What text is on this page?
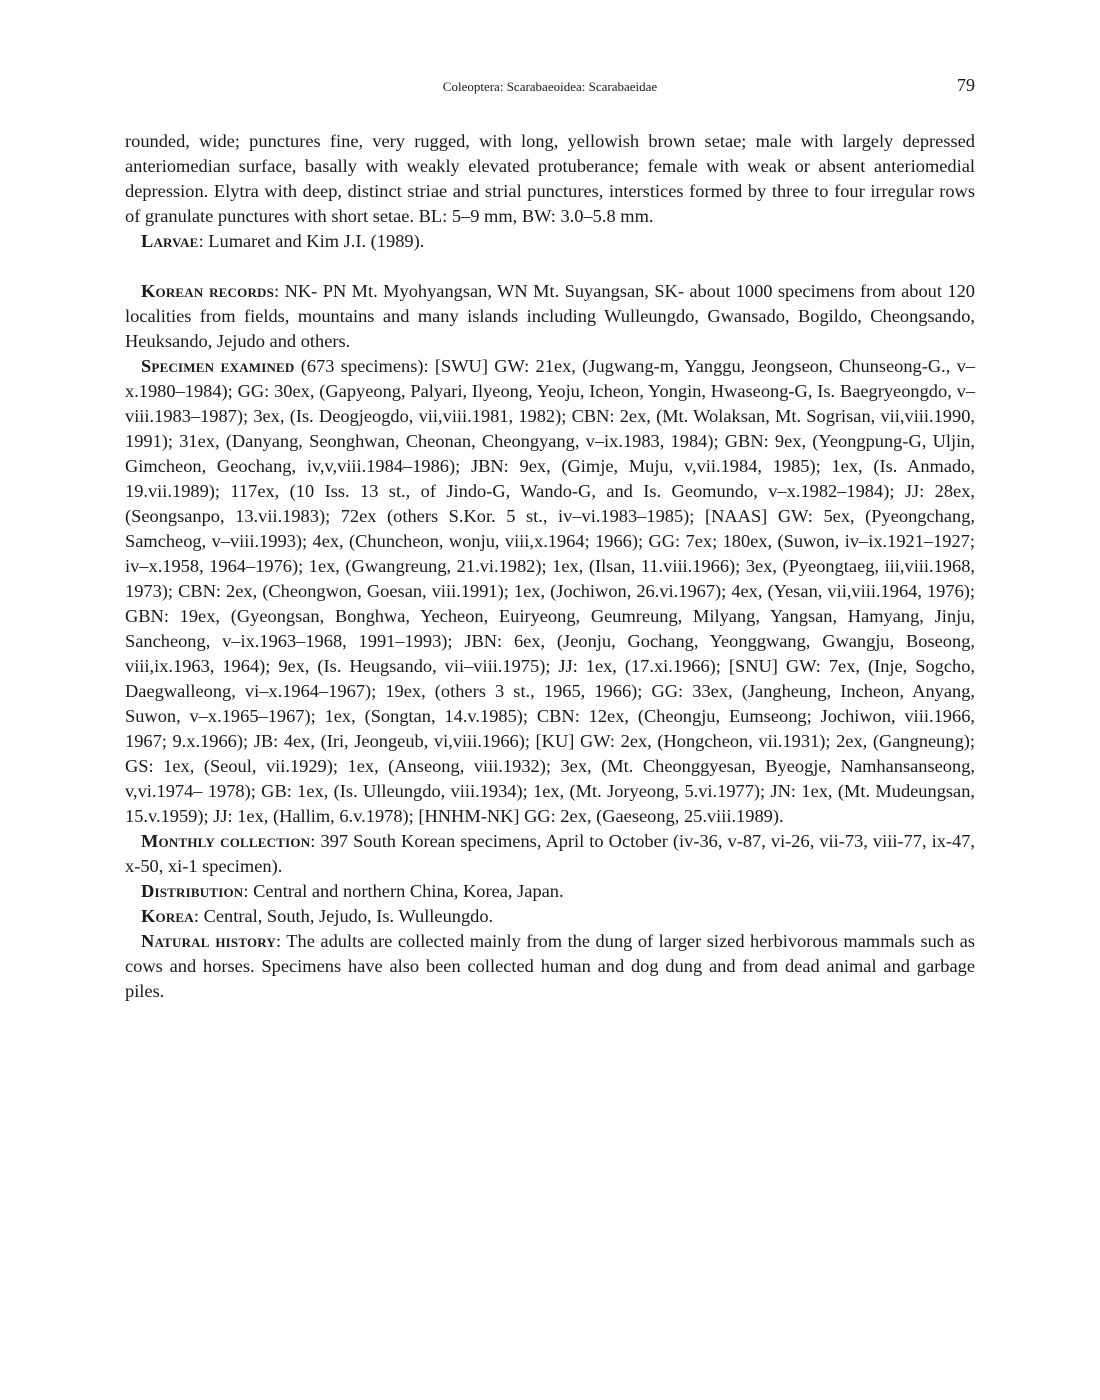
Coleoptera: Scarabaeoidea: Scarabaeidae	79

rounded, wide; punctures fine, very rugged, with long, yellowish brown setae; male with largely depressed anteriomedian surface, basally with weakly elevated protuberance; female with weak or absent anteriomedial depression. Elytra with deep, distinct striae and strial punctures, interstices formed by three to four irregular rows of granulate punctures with short setae. BL: 5–9 mm, BW: 3.0–5.8 mm.

Larvae: Lumaret and Kim J.I. (1989).

Korean records: NK- PN Mt. Myohyangsan, WN Mt. Suyangsan, SK- about 1000 specimens from about 120 localities from fields, mountains and many islands including Wulleungdo, Gwansado, Bogildo, Cheongsando, Heuksando, Jejudo and others.

Specimen examined (673 specimens): [SWU] GW: 21ex, (Jugwang-m, Yanggu, Jeongseon, Chunseong-G., v–x.1980–1984); GG: 30ex, (Gapyeong, Palyari, Ilyeong, Yeoju, Icheon, Yongin, Hwaseong-G, Is. Baegryeongdo, v–viii.1983–1987); 3ex, (Is. Deogjeogdo, vii,viii.1981, 1982); CBN: 2ex, (Mt. Wolaksan, Mt. Sogrisan, vii,viii.1990, 1991); 31ex, (Danyang, Seonghwan, Cheonan, Cheongyang, v–ix.1983, 1984); GBN: 9ex, (Yeongpung-G, Uljin, Gimcheon, Geochang, iv,v,viii.1984–1986); JBN: 9ex, (Gimje, Muju, v,vii.1984, 1985); 1ex, (Is. Anmado, 19.vii.1989); 117ex, (10 Iss. 13 st., of Jindo-G, Wando-G, and Is. Geomundo, v–x.1982–1984); JJ: 28ex, (Seongsanpo, 13.vii.1983); 72ex (others S.Kor. 5 st., iv–vi.1983–1985); [NAAS] GW: 5ex, (Pyeongchang, Samcheog, v–viii.1993); 4ex, (Chuncheon, wonju, viii,x.1964; 1966); GG: 7ex; 180ex, (Suwon, iv–ix.1921–1927; iv–x.1958, 1964–1976); 1ex, (Gwangreung, 21.vi.1982); 1ex, (Ilsan, 11.viii.1966); 3ex, (Pyeongtaeg, iii,viii.1968, 1973); CBN: 2ex, (Cheongwon, Goesan, viii.1991); 1ex, (Jochiwon, 26.vi.1967); 4ex, (Yesan, vii,viii.1964, 1976); GBN: 19ex, (Gyeongsan, Bonghwa, Yecheon, Euiryeong, Geumreung, Milyang, Yangsan, Hamyang, Jinju, Sancheong, v–ix.1963–1968, 1991–1993); JBN: 6ex, (Jeonju, Gochang, Yeonggwang, Gwangju, Boseong, viii,ix.1963, 1964); 9ex, (Is. Heugsando, vii–viii.1975); JJ: 1ex, (17.xi.1966); [SNU] GW: 7ex, (Inje, Sogcho, Daegwalleong, vi–x.1964–1967); 19ex, (others 3 st., 1965, 1966); GG: 33ex, (Jangheung, Incheon, Anyang, Suwon, v–x.1965–1967); 1ex, (Songtan, 14.v.1985); CBN: 12ex, (Cheongju, Eumseong; Jochiwon, viii.1966, 1967; 9.x.1966); JB: 4ex, (Iri, Jeongeub, vi,viii.1966); [KU] GW: 2ex, (Hongcheon, vii.1931); 2ex, (Gangneung); GS: 1ex, (Seoul, vii.1929); 1ex, (Anseong, viii.1932); 3ex, (Mt. Cheonggyesan, Byeogje, Namhansanseong, v,vi.1974– 1978); GB: 1ex, (Is. Ulleungdo, viii.1934); 1ex, (Mt. Joryeong, 5.vi.1977); JN: 1ex, (Mt. Mudeungsan, 15.v.1959); JJ: 1ex, (Hallim, 6.v.1978); [HNHM-NK] GG: 2ex, (Gaeseong, 25.viii.1989).

Monthly collection: 397 South Korean specimens, April to October (iv-36, v-87, vi-26, vii-73, viii-77, ix-47, x-50, xi-1 specimen).

Distribution: Central and northern China, Korea, Japan.

Korea: Central, South, Jejudo, Is. Wulleungdo.

Natural history: The adults are collected mainly from the dung of larger sized herbivorous mammals such as cows and horses. Specimens have also been collected human and dog dung and from dead animal and garbage piles.
